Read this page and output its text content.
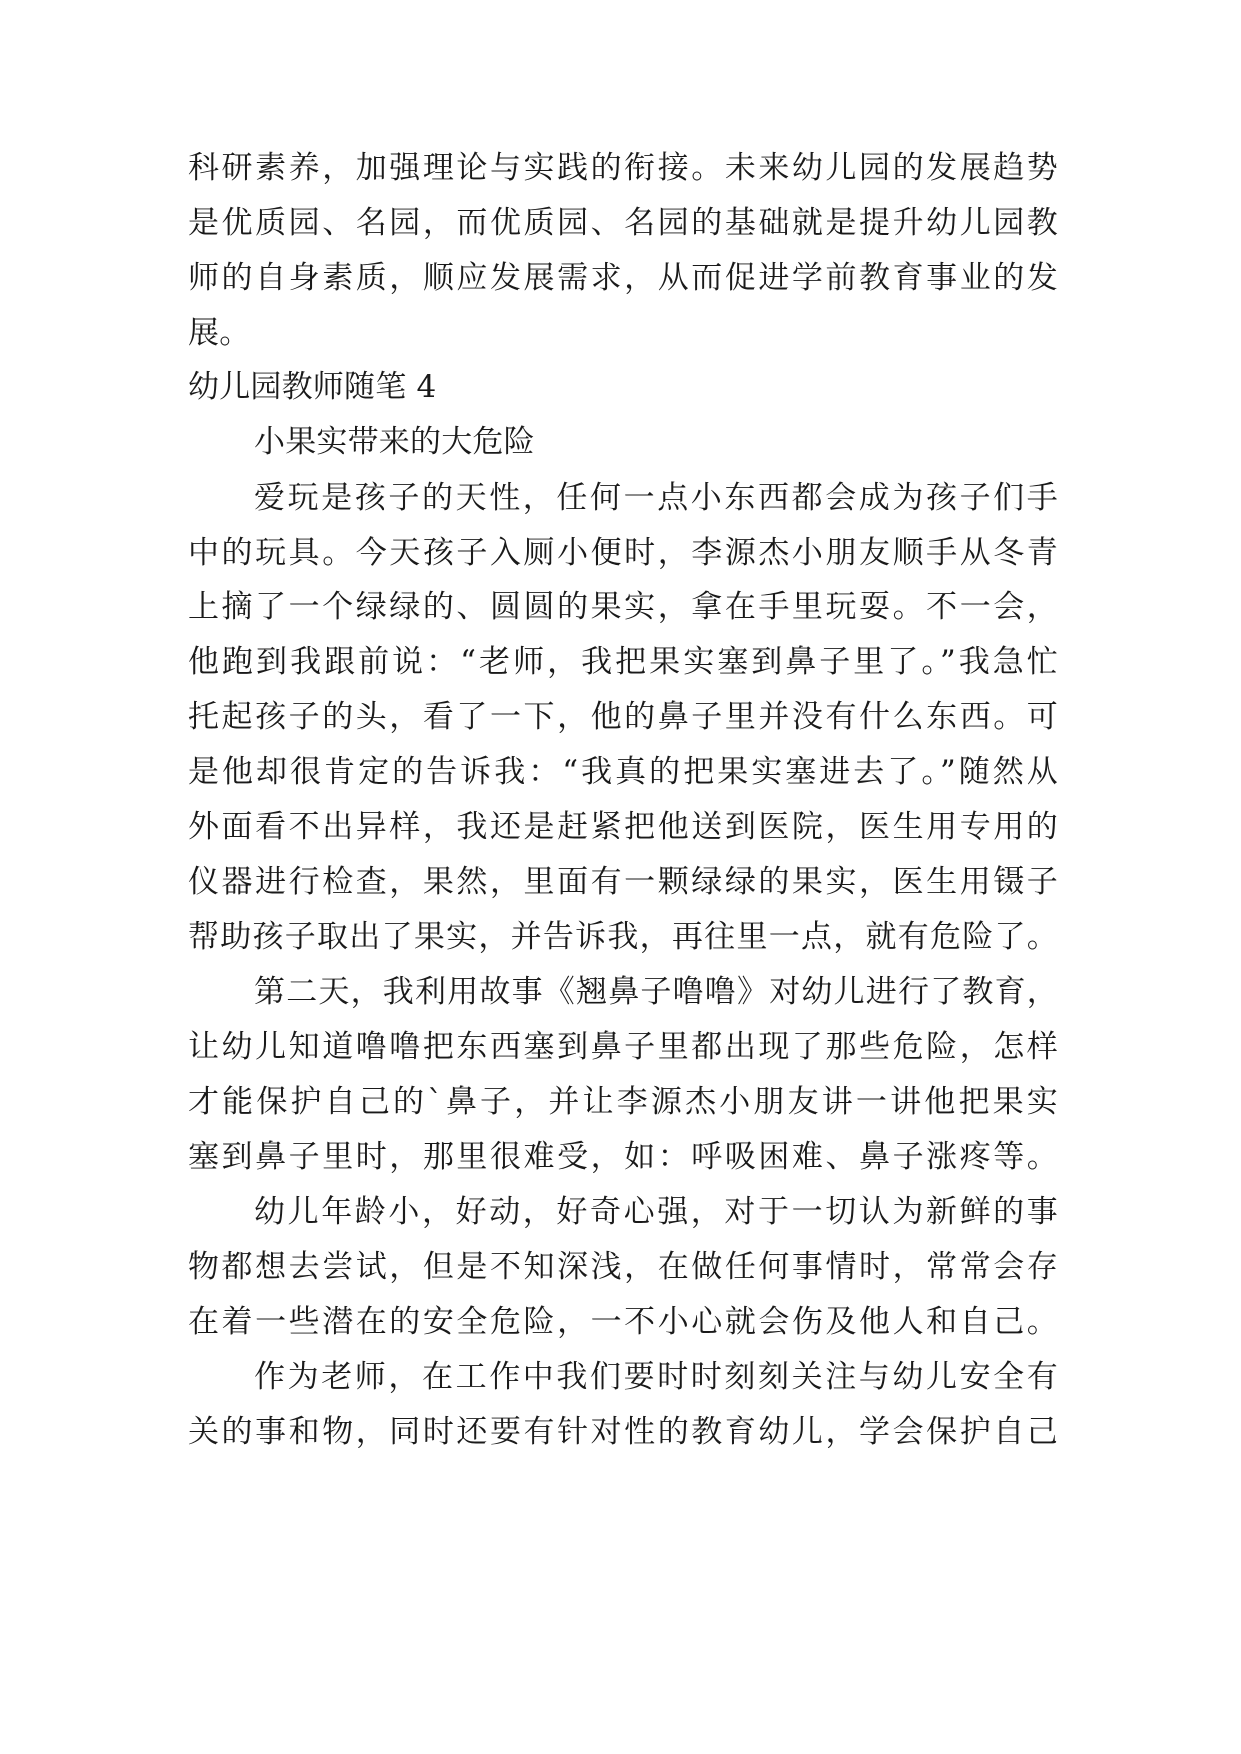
科研素养，加强理论与实践的衔接。未来幼儿园的发展趋势
是优质园、名园，而优质园、名园的基础就是提升幼儿园教
师的自身素质，顺应发展需求，从而促进学前教育事业的发
展。
幼儿园教师随笔 4
小果实带来的大危险
爱玩是孩子的天性，任何一点小东西都会成为孩子们手
中的玩具。今天孩子入厕小便时，李源杰小朋友顺手从冬青
上摘了一个绿绿的、圆圆的果实，拿在手里玩耍。不一会，
他跑到我跟前说：“老师，我把果实塞到鼻子里了。”我急忙
托起孩子的头，看了一下，他的鼻子里并没有什么东西。可
是他却很肯定的告诉我：“我真的把果实塞进去了。”随然从
外面看不出异样，我还是赶紧把他送到医院，医生用专用的
仪器进行检查，果然，里面有一颗绿绿的果实，医生用镊子
帮助孩子取出了果实，并告诉我，再往里一点，就有危险了。
第二天，我利用故事《翘鼻子噜噜》对幼儿进行了教育，
让幼儿知道噜噜把东西塞到鼻子里都出现了那些危险，怎样
才能保护自己的`鼻子，并让李源杰小朋友讲一讲他把果实
塞到鼻子里时，那里很难受，如：呼吸困难、鼻子涨疼等。
幼儿年龄小，好动，好奇心强，对于一切认为新鲜的事
物都想去尝试，但是不知深浅，在做任何事情时，常常会存
在着一些潜在的安全危险，一不小心就会伤及他人和自己。
作为老师，在工作中我们要时时刻刻关注与幼儿安全有
关的事和物，同时还要有针对性的教育幼儿，学会保护自己
